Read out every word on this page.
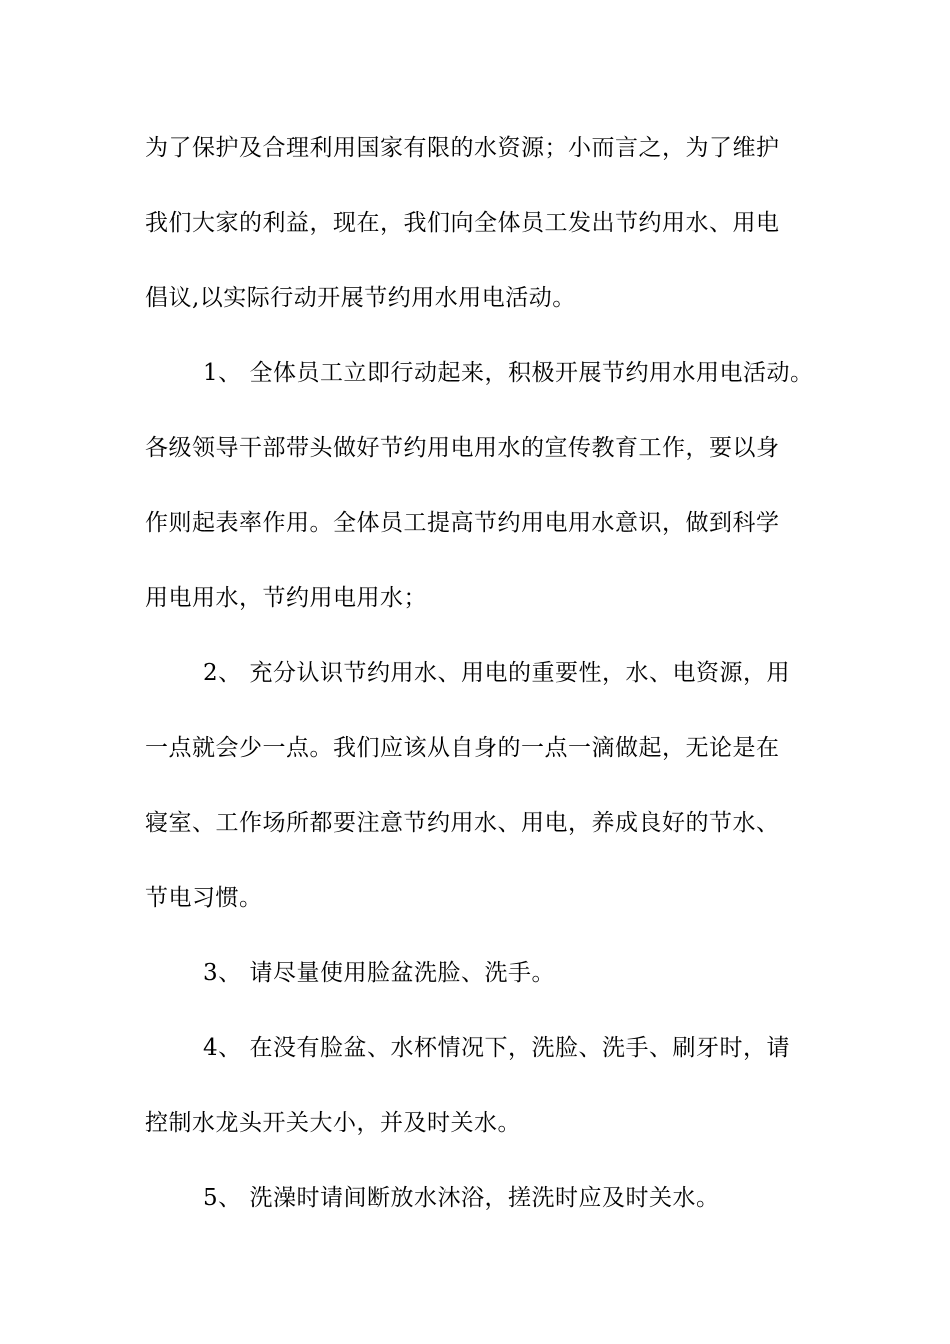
为了保护及合理利用国家有限的水资源；小而言之，为了维护
我们大家的利益，现在，我们向全体员工发出节约用水、用电
倡议,以实际行动开展节约用水用电活动。
1、 全体员工立即行动起来，积极开展节约用水用电活动。
各级领导干部带头做好节约用电用水的宣传教育工作，要以身
作则起表率作用。全体员工提高节约用电用水意识，做到科学
用电用水，节约用电用水；
2、 充分认识节约用水、用电的重要性，水、电资源，用
一点就会少一点。我们应该从自身的一点一滴做起，无论是在
寝室、工作场所都要注意节约用水、用电，养成良好的节水、
节电习惯。
3、 请尽量使用脸盆洗脸、洗手。
4、 在没有脸盆、水杯情况下，洗脸、洗手、刷牙时，请
控制水龙头开关大小，并及时关水。
5、 洗澡时请间断放水沐浴，搓洗时应及时关水。
